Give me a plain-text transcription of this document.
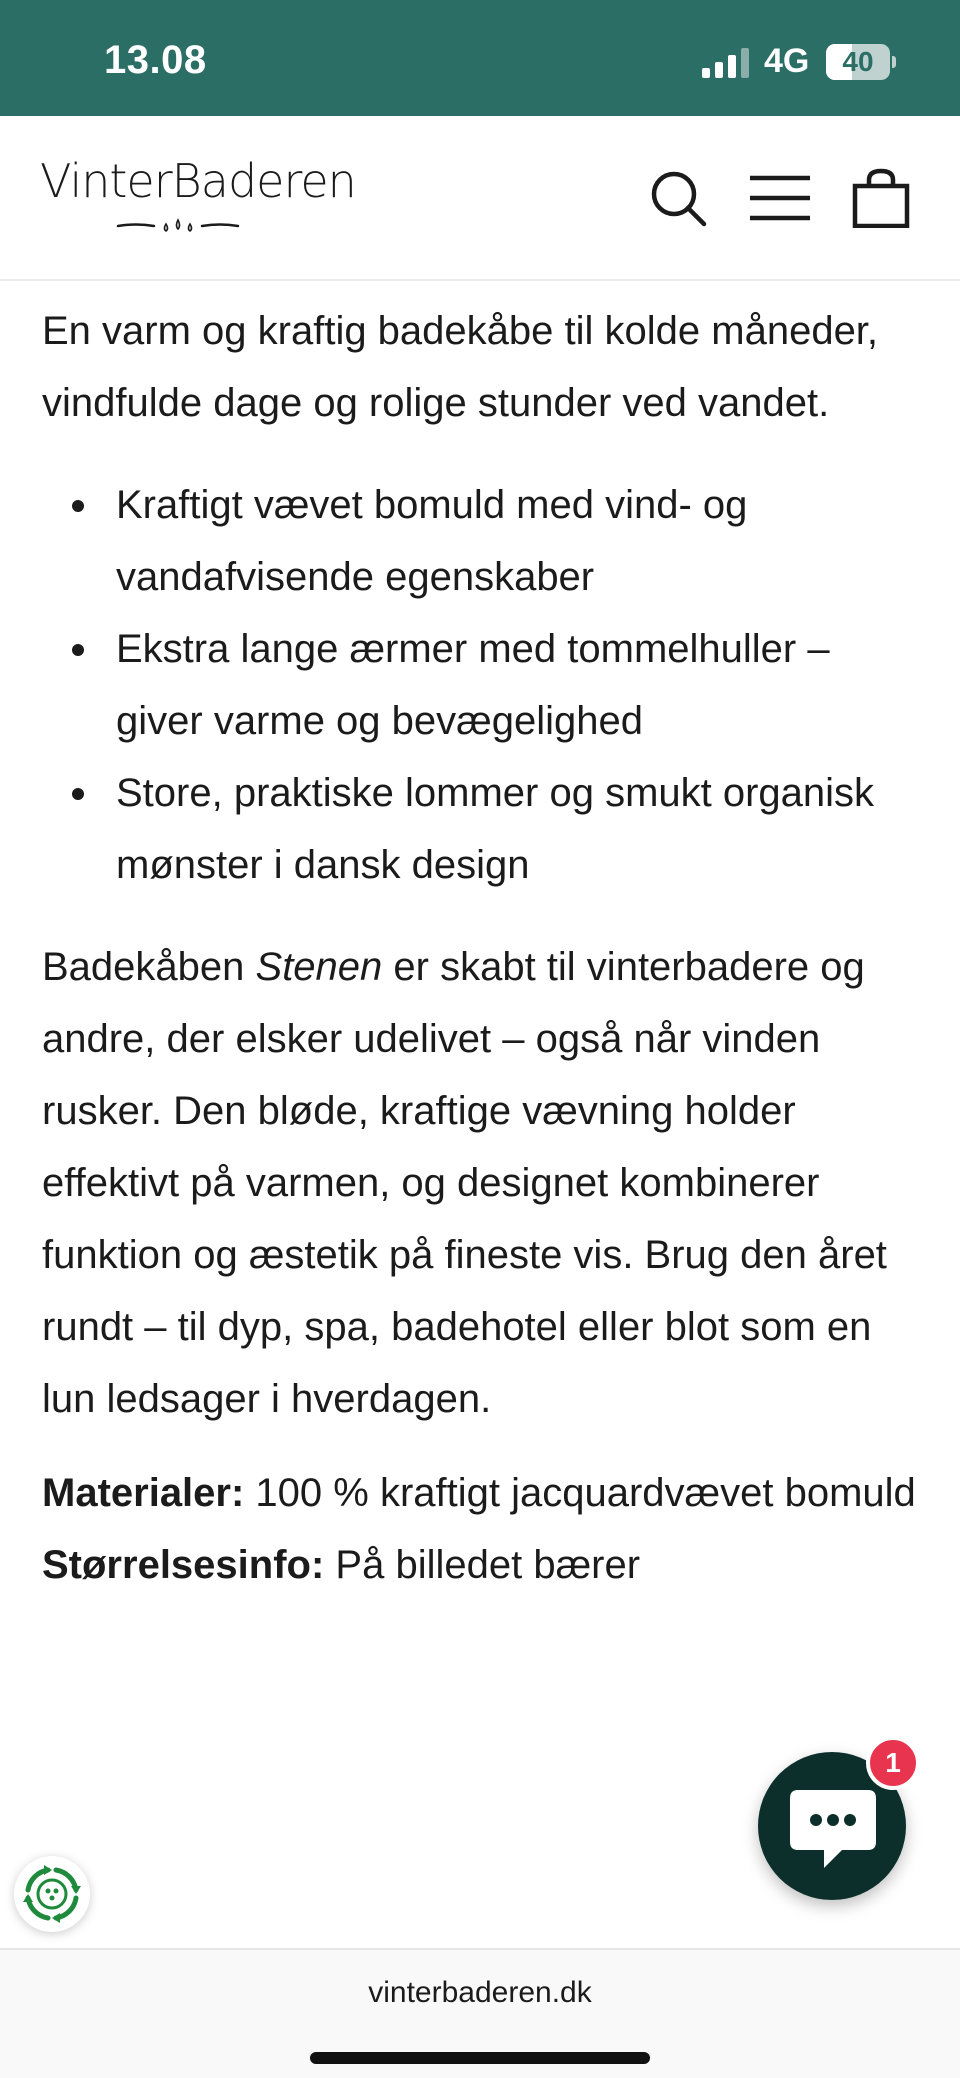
13.08	4G	40
VinterBaderen

En varm og kraftig badekåbe til kolde måneder, vindfulde dage og rolige stunder ved vandet.

Kraftigt vævet bomuld med vind- og vandafvisende egenskaber
Ekstra lange ærmer med tommelhuller – giver varme og bevægelighed
Store, praktiske lommer og smukt organisk mønster i dansk design

Badekåben Stenen er skabt til vinterbadere og andre, der elsker udelivet – også når vinden rusker. Den bløde, kraftige vævning holder effektivt på varmen, og designet kombinerer funktion og æstetik på fineste vis. Brug den året rundt – til dyp, spa, badehotel eller blot som en lun ledsager i hverdagen.

Materialer: 100 % kraftigt jacquardvævet bomuld
Størrelsesinfo: På billedet bærer
1
vinterbaderen.dk
